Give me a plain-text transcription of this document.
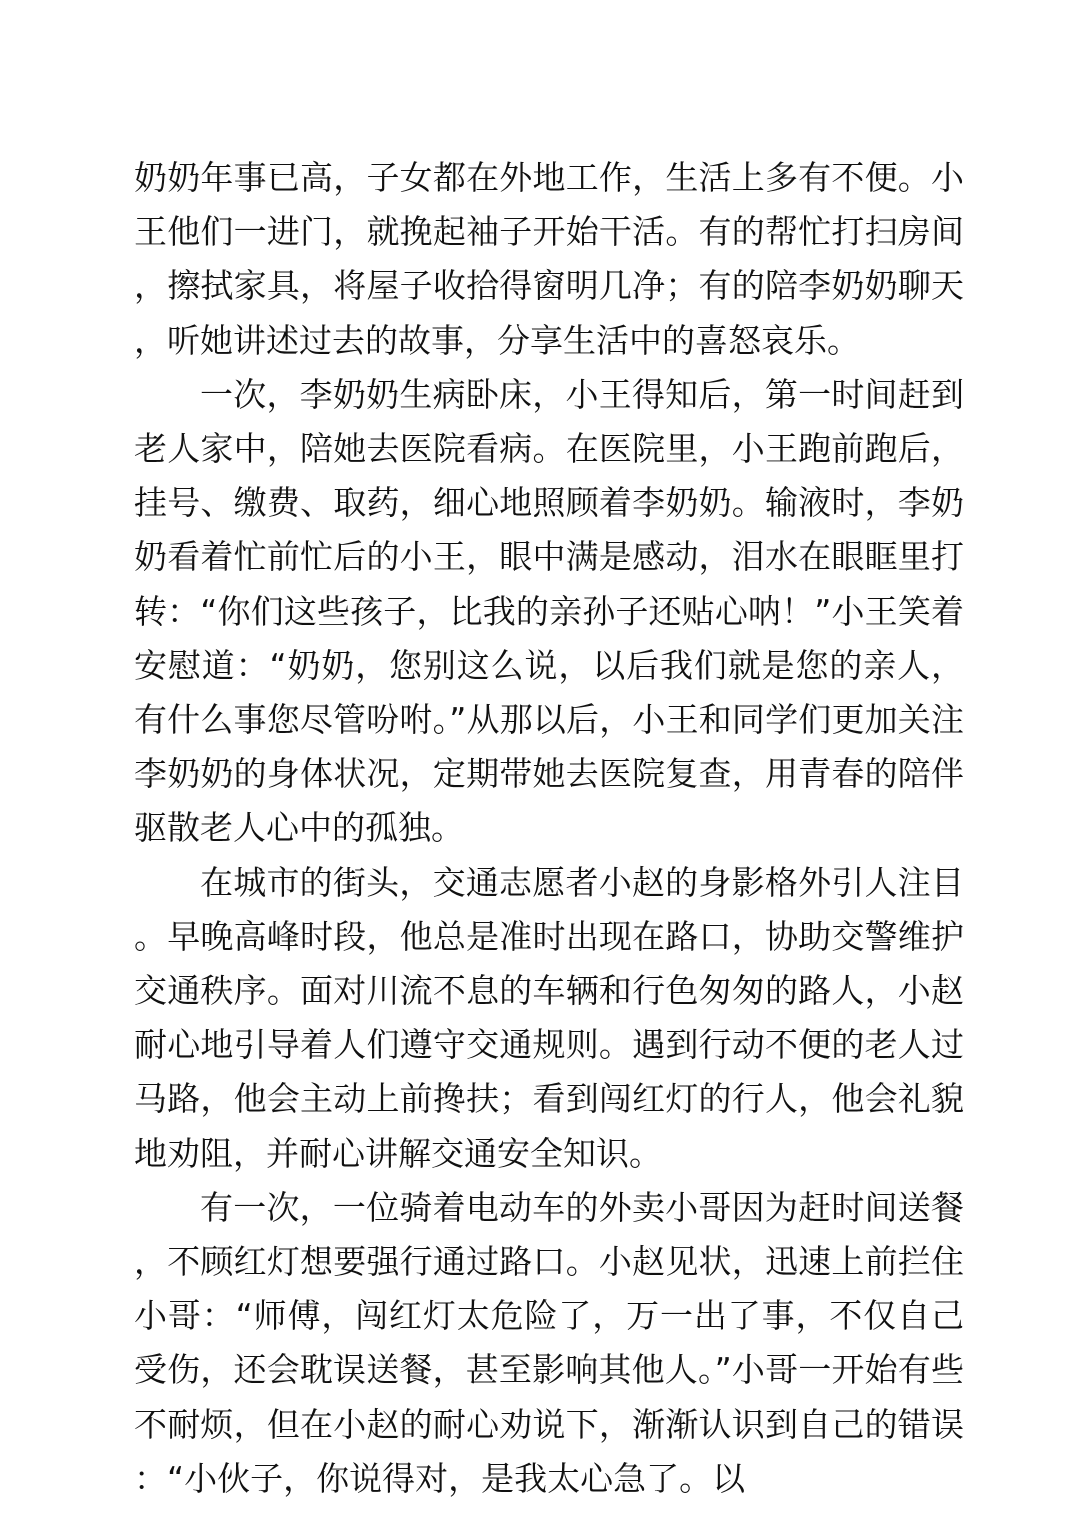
奶奶年事已高，子女都在外地工作，生活上多有不便。小王他们一进门，就挽起袖子开始干活。有的帮忙打扫房间，擦拭家具，将屋子收拾得窗明几净；有的陪李奶奶聊天，听她讲述过去的故事，分享生活中的喜怒哀乐。

一次，李奶奶生病卧床，小王得知后，第一时间赶到老人家中，陪她去医院看病。在医院里，小王跑前跑后，挂号、缴费、取药，细心地照顾着李奶奶。输液时，李奶奶看着忙前忙后的小王，眼中满是感动，泪水在眼眶里打转：“你们这些孩子，比我的亲孙子还贴心呐！”小王笑着安慰道：“奶奶，您别这么说，以后我们就是您的亲人，有什么事您尽管吩咐。”从那以后，小王和同学们更加关注李奶奶的身体状况，定期带她去医院复查，用青春的陪伴驱散老人心中的孤独。

在城市的街头，交通志愿者小赵的身影格外引人注目。早晚高峰时段，他总是准时出现在路口，协助交警维护交通秩序。面对川流不息的车辆和行色匆匆的路人，小赵耐心地引导着人们遵守交通规则。遇到行动不便的老人过马路，他会主动上前搀扶；看到闯红灯的行人，他会礼貌地劝阻，并耐心讲解交通安全知识。

有一次，一位骑着电动车的外卖小哥因为赶时间送餐，不顾红灯想要强行通过路口。小赵见状，迅速上前拦住小哥：“师傅，闯红灯太危险了，万一出了事，不仅自己受伤，还会耽误送餐，甚至影响其他人。”小哥一开始有些不耐烦，但在小赵的耐心劝说下，渐渐认识到自己的错误：“小伙子，你说得对，是我太心急了。以
